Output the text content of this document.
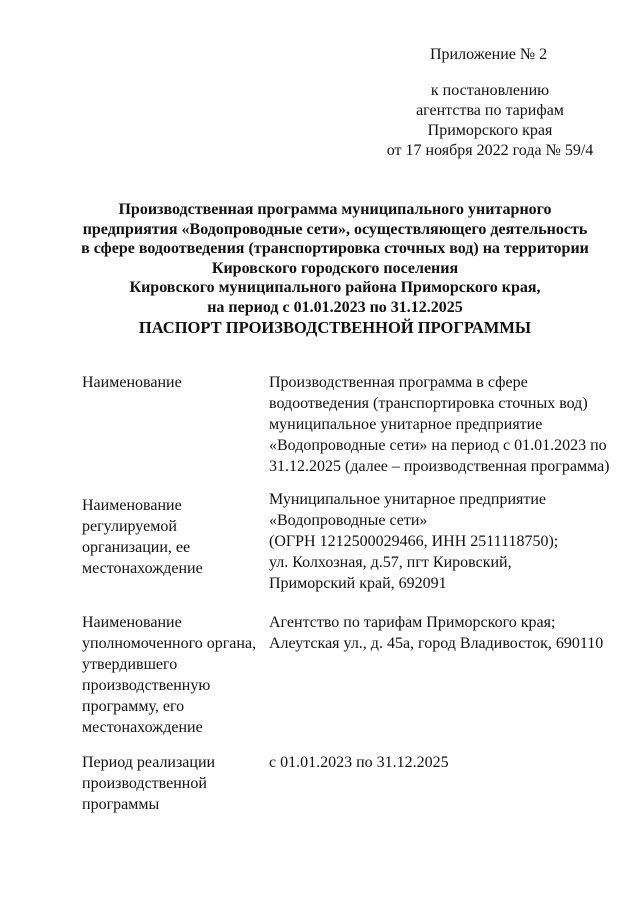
Приложение № 2
к постановлению
агентства по тарифам
Приморского края
от 17 ноября 2022 года № 59/4
Производственная программа муниципального унитарного
предприятия «Водопроводные сети», осуществляющего деятельность
в сфере водоотведения (транспортировка сточных вод) на территории
Кировского городского поселения
Кировского муниципального района Приморского края,
на период с 01.01.2023 по 31.12.2025
ПАСПОРТ ПРОИЗВОДСТВЕННОЙ ПРОГРАММЫ
Наименование	Производственная программа в сфере
водоотведения (транспортировка сточных вод)
муниципальное унитарное предприятие
«Водопроводные сети» на период с 01.01.2023 по
31.12.2025 (далее – производственная программа)
Наименование
регулируемой
организации, ее
местонахождение
Муниципальное унитарное предприятие
«Водопроводные сети»
(ОГРН 1212500029466, ИНН 2511118750);
ул. Колхозная, д.57, пгт Кировский,
Приморский край, 692091
Наименование
уполномоченного органа,
утвердившего
производственную
программу, его
местонахождение
Агентство по тарифам Приморского края;
Алеутская ул., д. 45а, город Владивосток, 690110
Период реализации
производственной
программы
с 01.01.2023 по 31.12.2025
